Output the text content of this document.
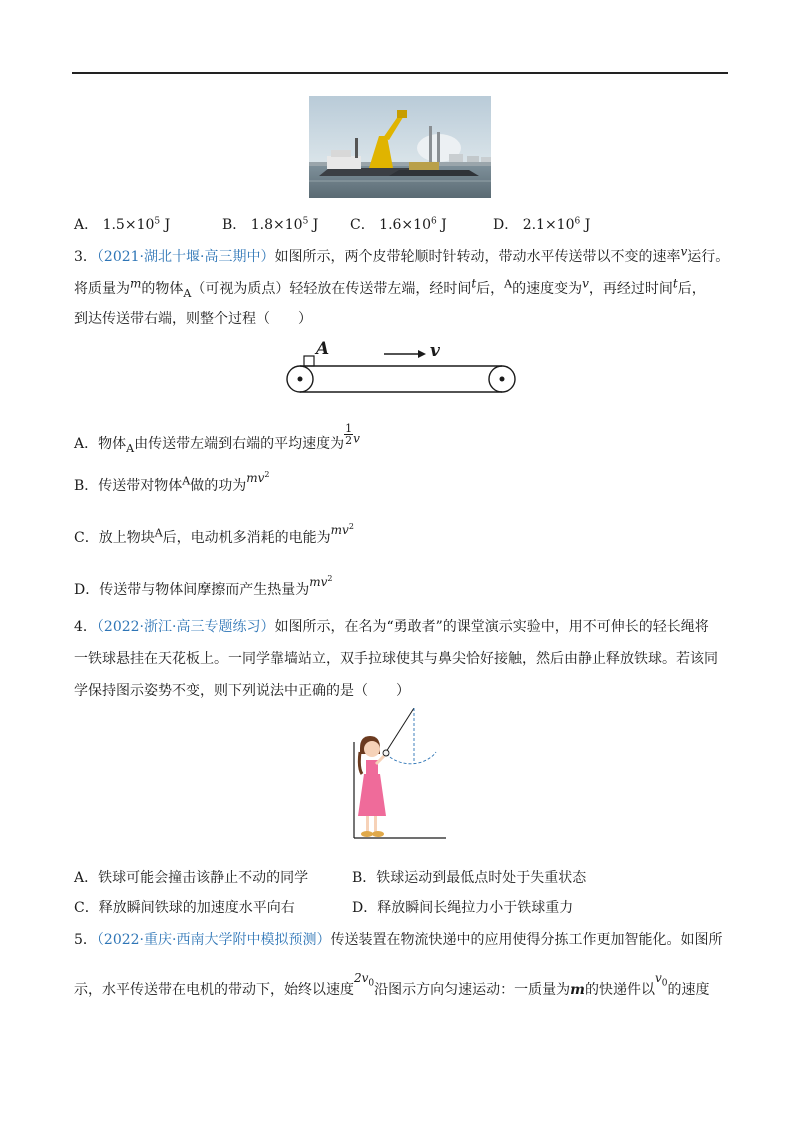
A． $1.5\times 10^5$ J	B． $1.8\times 10^5$ J C． $1.6\times 10^6$ J	D． $2.1\times 10^6$ J
3．（2021·湖北十堰·高三期中）如图所示，两个皮带轮顺时针转动，带动水平传送带以不变的速率$^v$运行。
将质量为$^m$的物体$_A$（可视为质点）轻轻放在传送带左端，经时间$^t$后，$^A$的速度变为$^v$，再经过时间$^t$后，
到达传送带右端，则整个过程（　　）
A	v
A．物体$_A$由传送带左端到右端的平均速度为 $\frac{1}{2} ^v$
B．传送带对物体$^A$做的功为$^{mv^2}$
C．放上物块$^A$后，电动机多消耗的电能为$^{mv^2}$
D．传送带与物体间摩擦而产生热量为$^{mv^2}$
4．（2022·浙江·高三专题练习）如图所示，在名为“勇敢者”的课堂演示实验中，用不可伸长的轻长绳将
一铁球悬挂在天花板上。一同学靠墙站立，双手拉球使其与鼻尖恰好接触，然后由静止释放铁球。若该同
学保持图示姿势不变，则下列说法中正确的是（　　）
A．铁球可能会撞击该静止不动的同学	B．铁球运动到最低点时处于失重状态
C．释放瞬间铁球的加速度水平向右	D．释放瞬间长绳拉力小于铁球重力
5．（2022·重庆·西南大学附中模拟预测）传送装置在物流快递中的应用使得分拣工作更加智能化。如图所
示，水平传送带在电机的带动下，始终以速度$2v_0$沿图示方向匀速运动：一质量为m的快递件以$v_0$的速度
